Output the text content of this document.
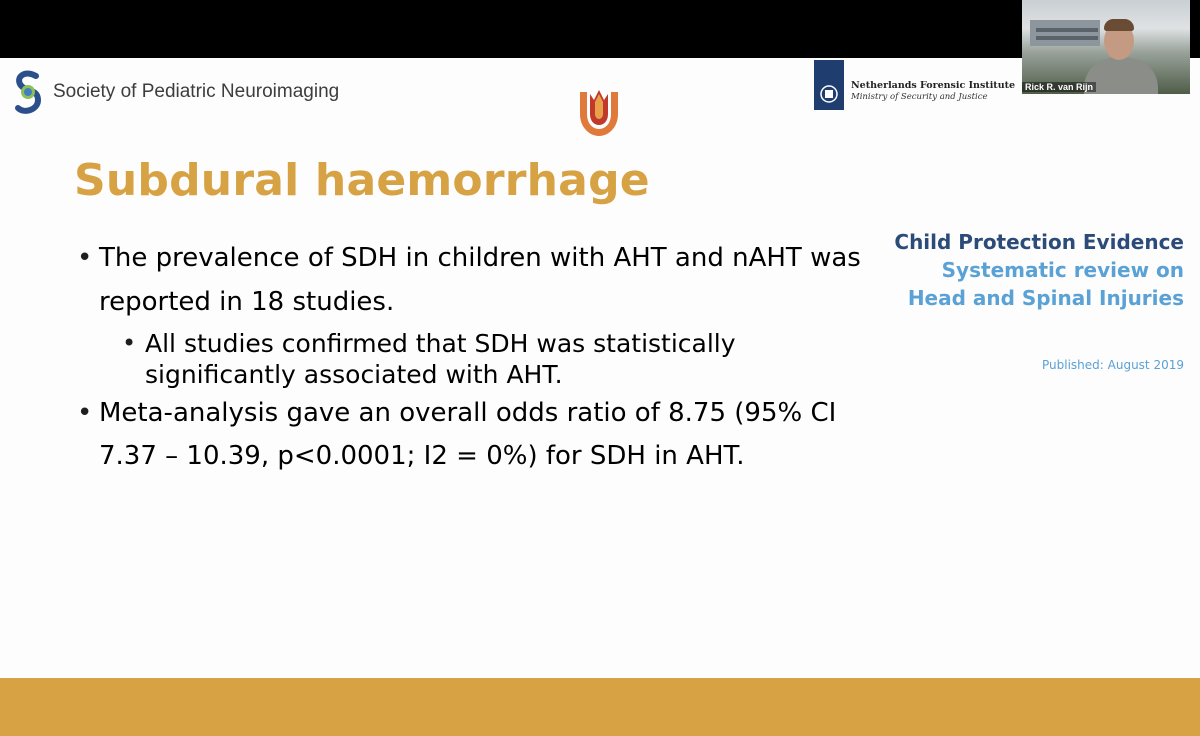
Society of Pediatric Neuroimaging	Netherlands Forensic Institute
Ministry of Security and Justice
Subdural haemorrhage
• The prevalence of SDH in children with AHT and nAHT was
reported in 18 studies.
• All studies confirmed that SDH was statistically
significantly associated with AHT.
• Meta-analysis gave an overall odds ratio of 8.75 (95% CI
7.37 – 10.39, p<0.0001; I2 = 0%) for SDH in AHT.
Child Protection Evidence
Systematic review on
Head and Spinal Injuries
Published: August 2019
Rick R. van Rijn
